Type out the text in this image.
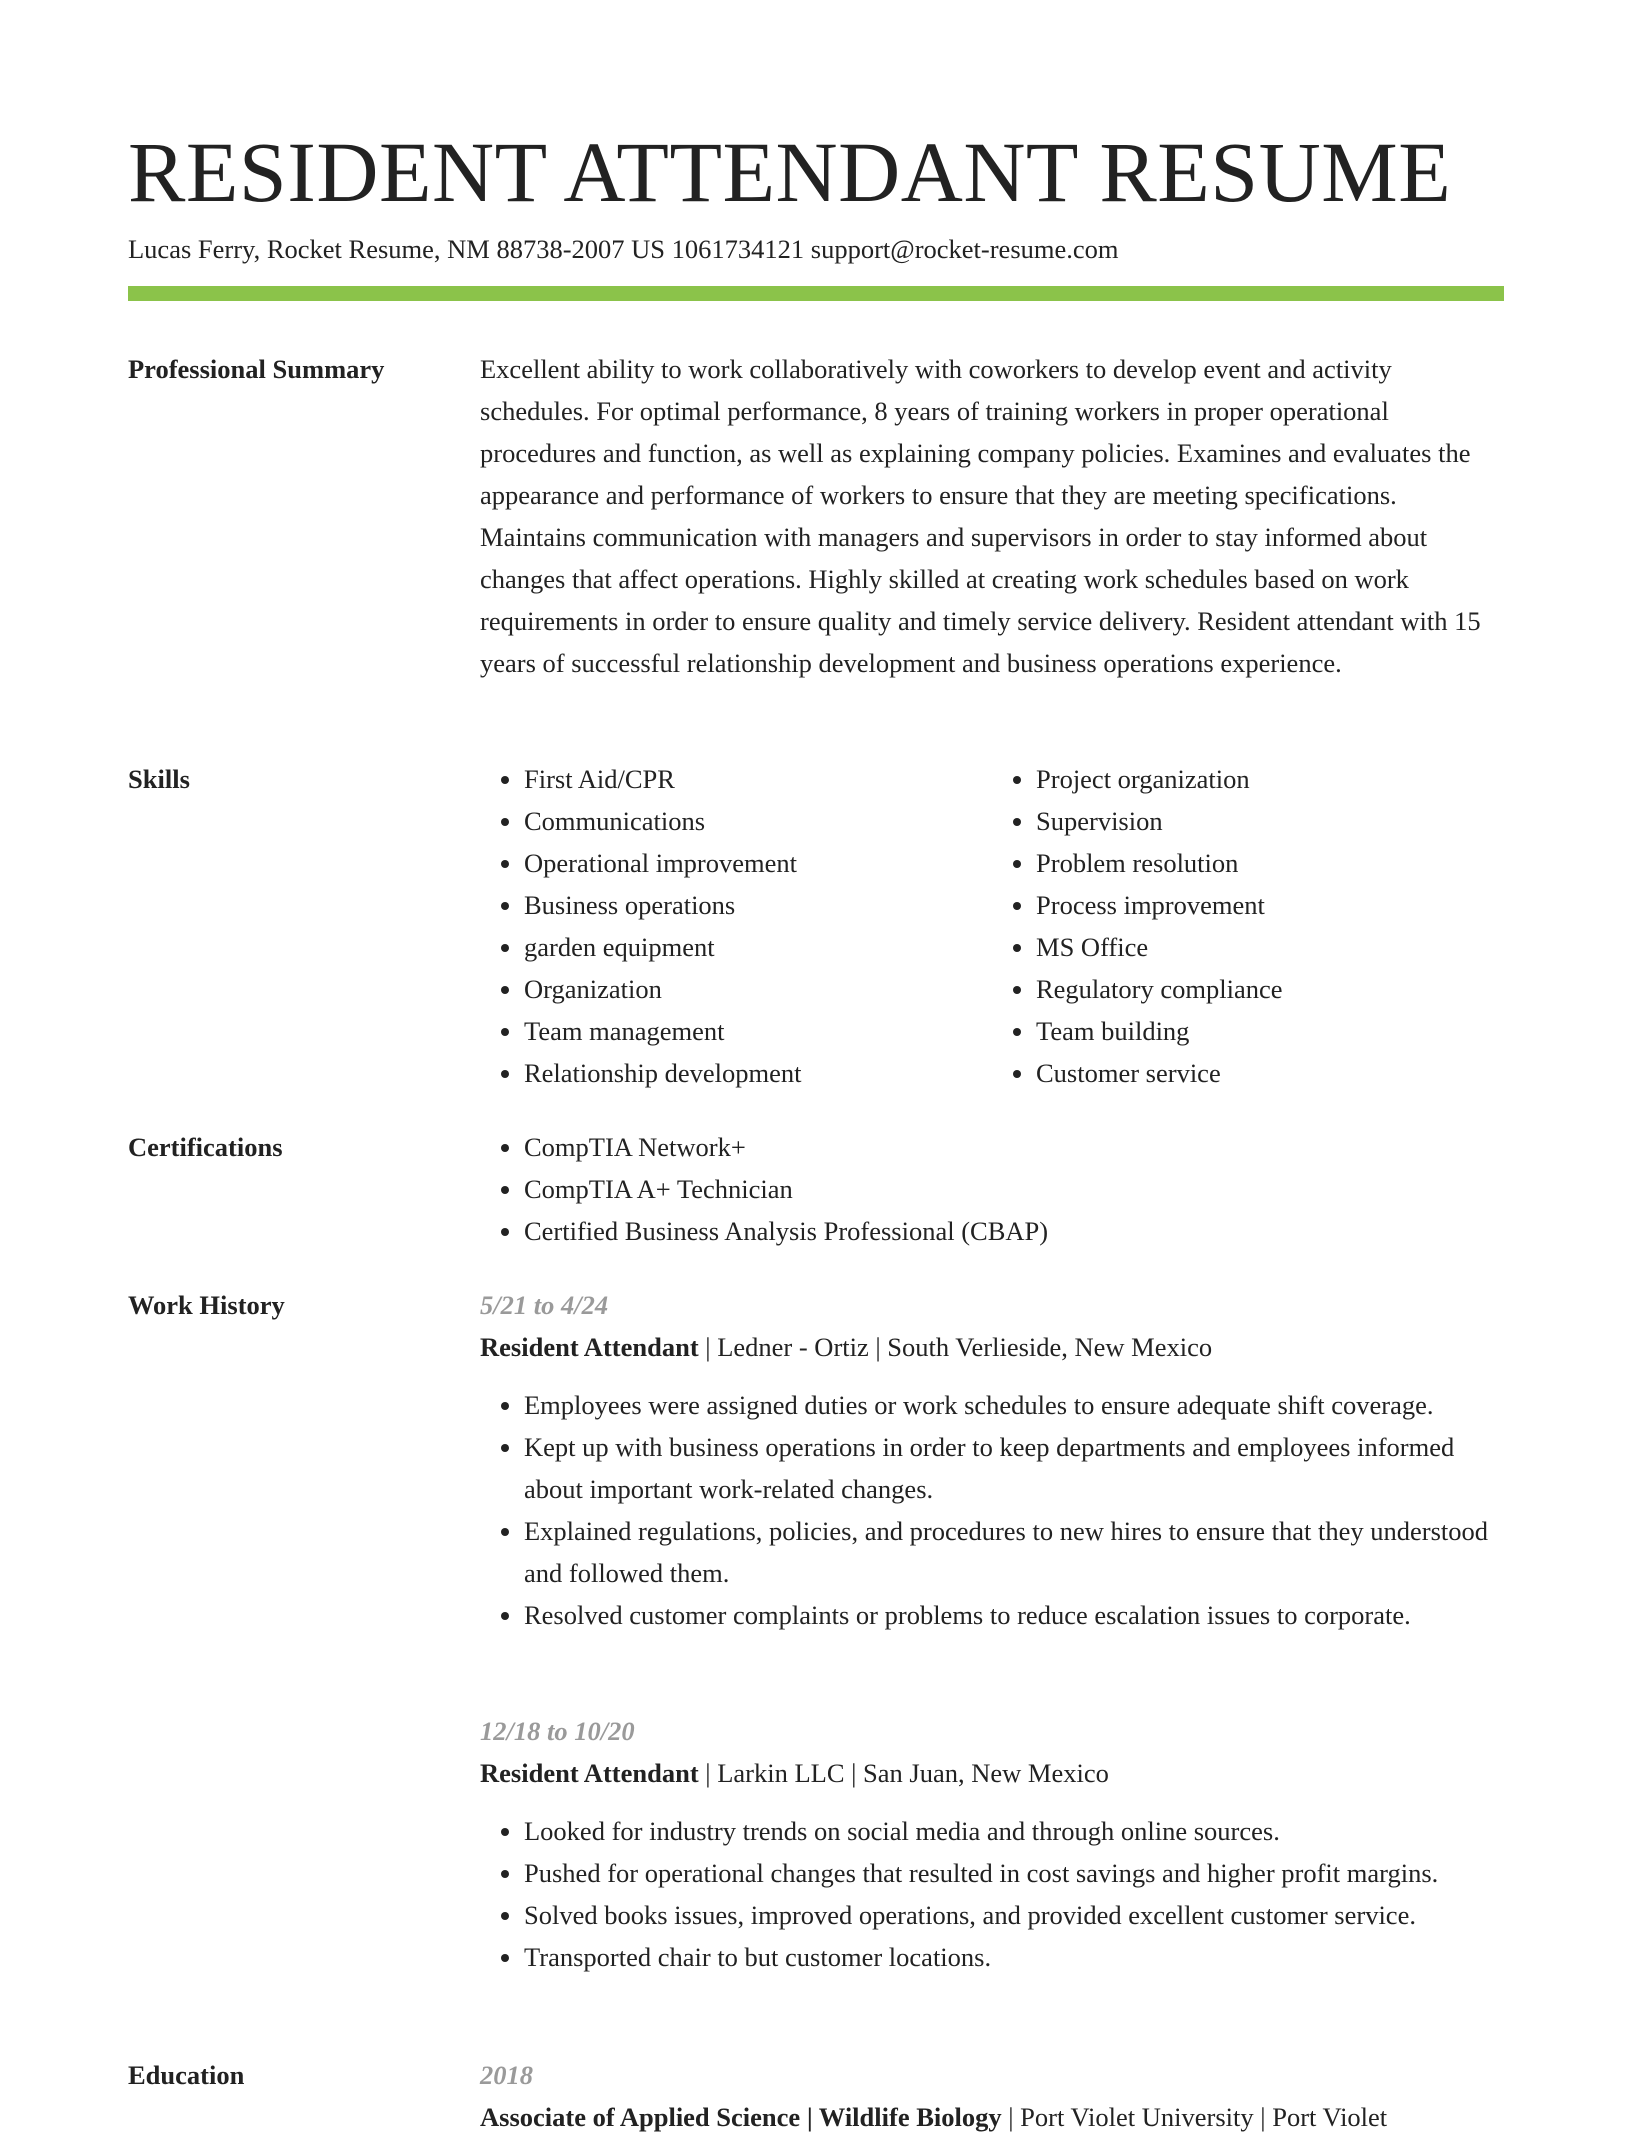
RESIDENT ATTENDANT RESUME
Lucas Ferry, Rocket Resume, NM 88738-2007 US 1061734121 support@rocket-resume.com
Professional Summary	Excellent ability to work collaboratively with coworkers to develop event and activity schedules. For optimal performance, 8 years of training workers in proper operational procedures and function, as well as explaining company policies. Examines and evaluates the appearance and performance of workers to ensure that they are meeting specifications. Maintains communication with managers and supervisors in order to stay informed about changes that affect operations. Highly skilled at creating work schedules based on work requirements in order to ensure quality and timely service delivery. Resident attendant with 15 years of successful relationship development and business operations experience.

Skills	• First Aid/CPR
• Communications
• Operational improvement
• Business operations
• garden equipment
• Organization
• Team management
• Relationship development
• Project organization
• Supervision
• Problem resolution
• Process improvement
• MS Office
• Regulatory compliance
• Team building
• Customer service
Certifications	• CompTIA Network+
• CompTIA A+ Technician
• Certified Business Analysis Professional (CBAP)
Work History	5/21 to 4/24
Resident Attendant | Ledner - Ortiz | South Verlieside, New Mexico
• Employees were assigned duties or work schedules to ensure adequate shift coverage.
• Kept up with business operations in order to keep departments and employees informed about important work-related changes.
• Explained regulations, policies, and procedures to new hires to ensure that they understood and followed them.
• Resolved customer complaints or problems to reduce escalation issues to corporate.
12/18 to 10/20
Resident Attendant | Larkin LLC | San Juan, New Mexico
• Looked for industry trends on social media and through online sources.
• Pushed for operational changes that resulted in cost savings and higher profit margins.
• Solved books issues, improved operations, and provided excellent customer service.
• Transported chair to but customer locations.
Education	2018
Associate of Applied Science | Wildlife Biology | Port Violet University | Port Violet
